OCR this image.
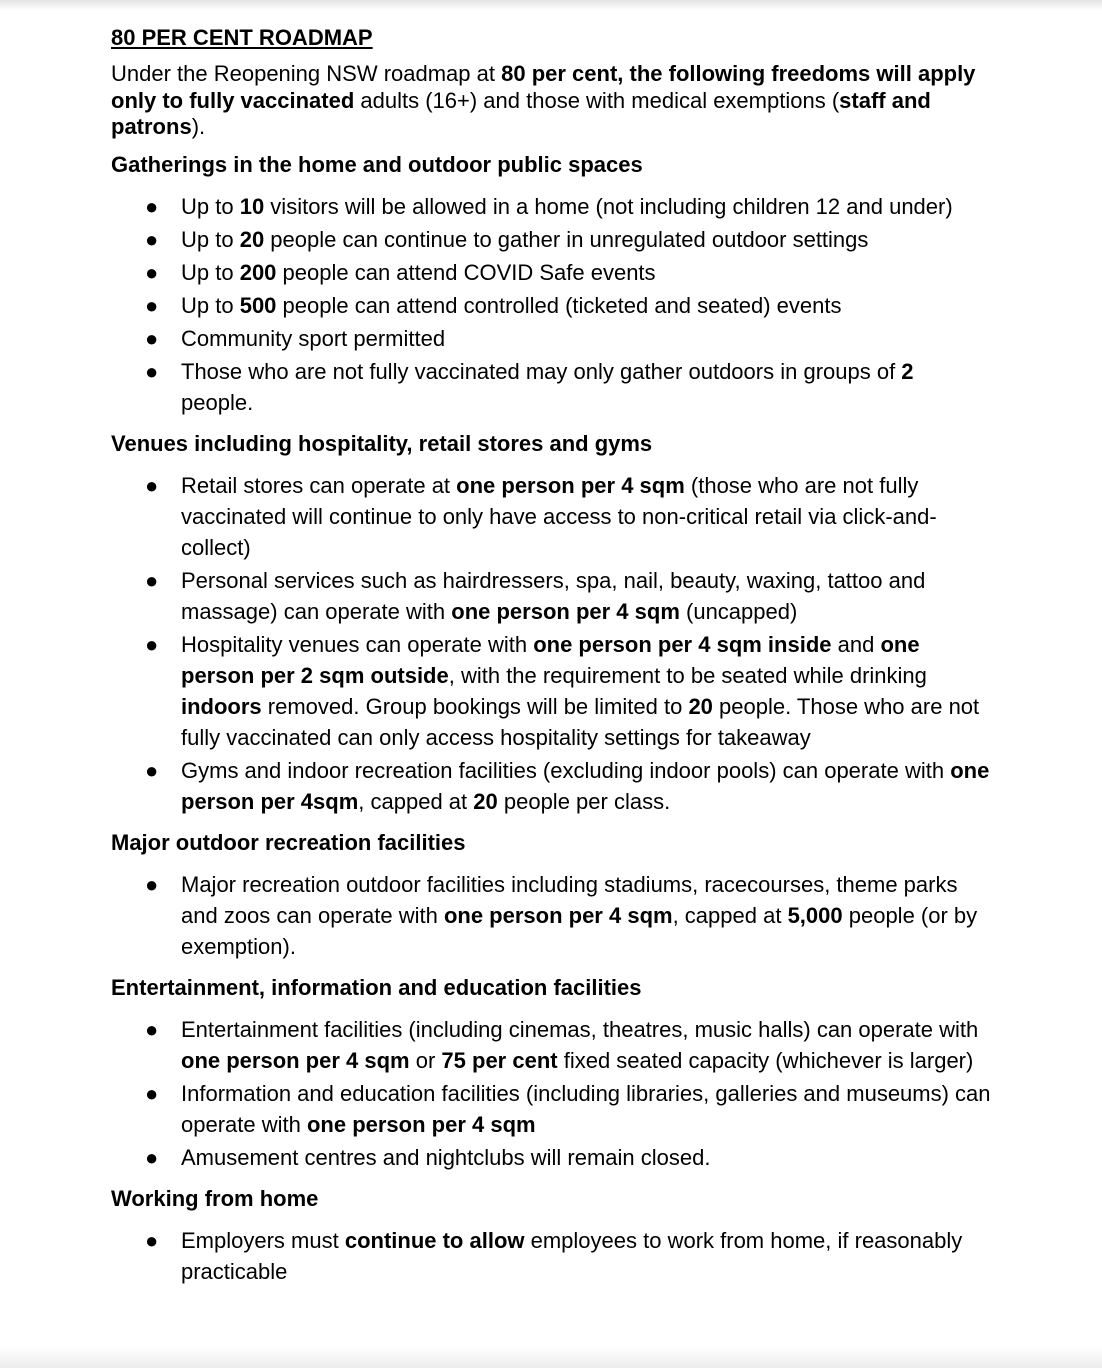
80 PER CENT ROADMAP

Under the Reopening NSW roadmap at 80 per cent, the following freedoms will apply only to fully vaccinated adults (16+) and those with medical exemptions (staff and patrons).

Gatherings in the home and outdoor public spaces
● Up to 10 visitors will be allowed in a home (not including children 12 and under)
● Up to 20 people can continue to gather in unregulated outdoor settings
● Up to 200 people can attend COVID Safe events
● Up to 500 people can attend controlled (ticketed and seated) events
● Community sport permitted
● Those who are not fully vaccinated may only gather outdoors in groups of 2 people.
Venues including hospitality, retail stores and gyms
● Retail stores can operate at one person per 4 sqm (those who are not fully vaccinated will continue to only have access to non-critical retail via click-and-collect)
● Personal services such as hairdressers, spa, nail, beauty, waxing, tattoo and massage) can operate with one person per 4 sqm (uncapped)
● Hospitality venues can operate with one person per 4 sqm inside and one person per 2 sqm outside, with the requirement to be seated while drinking indoors removed. Group bookings will be limited to 20 people. Those who are not fully vaccinated can only access hospitality settings for takeaway
● Gyms and indoor recreation facilities (excluding indoor pools) can operate with one person per 4sqm, capped at 20 people per class.
Major outdoor recreation facilities
● Major recreation outdoor facilities including stadiums, racecourses, theme parks and zoos can operate with one person per 4 sqm, capped at 5,000 people (or by exemption).
Entertainment, information and education facilities
● Entertainment facilities (including cinemas, theatres, music halls) can operate with one person per 4 sqm or 75 per cent fixed seated capacity (whichever is larger)
● Information and education facilities (including libraries, galleries and museums) can operate with one person per 4 sqm
● Amusement centres and nightclubs will remain closed.
Working from home
● Employers must continue to allow employees to work from home, if reasonably practicable
